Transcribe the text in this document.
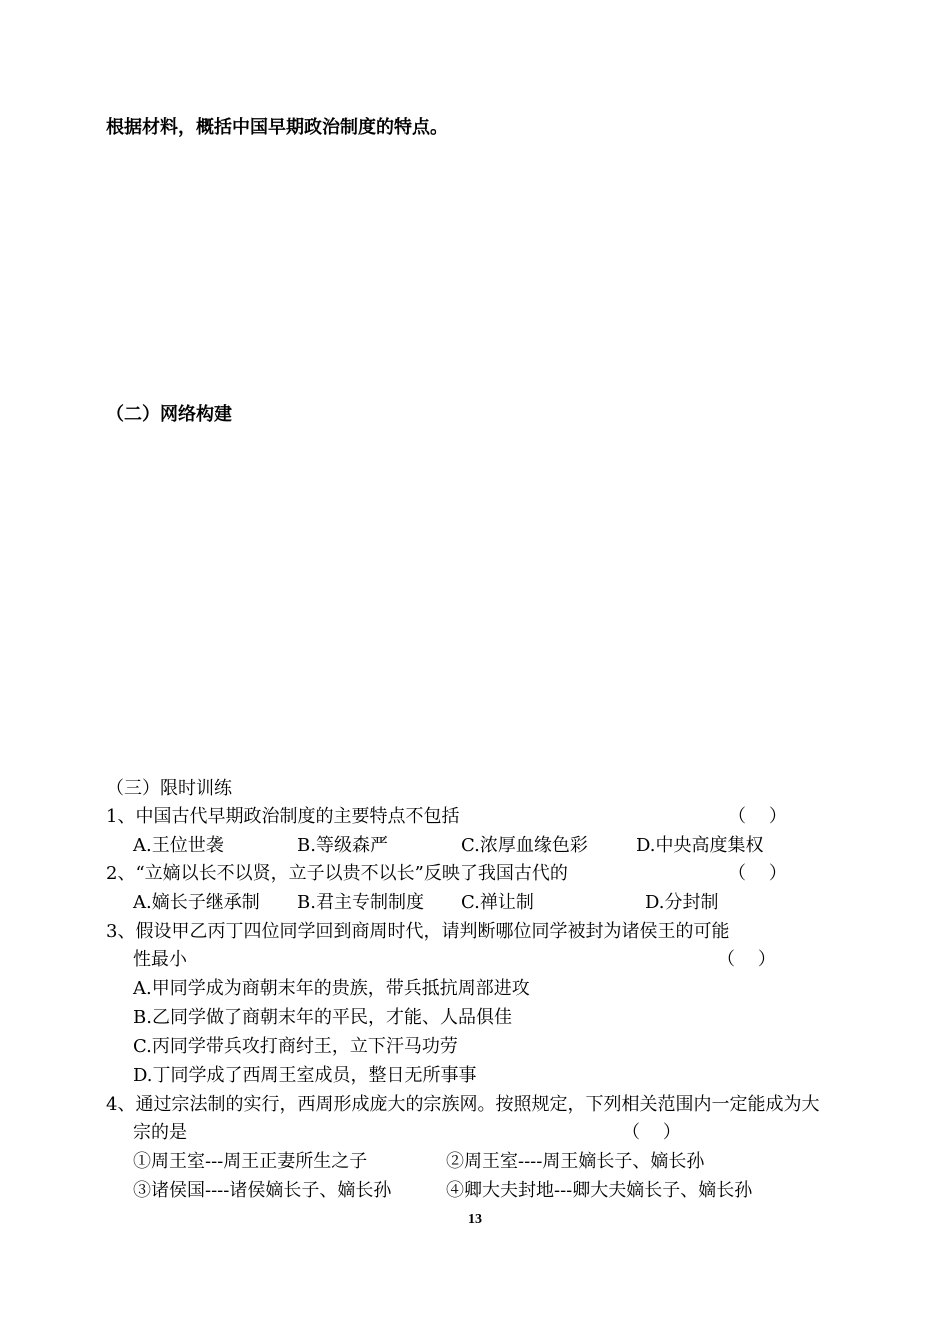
根据材料，概括中国早期政治制度的特点。
（二）网络构建
（三）限时训练
1、中国古代早期政治制度的主要特点不包括	（    ）
A.王位世袭	B.等级森严	C.浓厚血缘色彩	D.中央高度集权
2、“立嫡以长不以贤，立子以贵不以长”反映了我国古代的	（    ）
A.嫡长子继承制 B.君主专制制度 C.禅让制	D.分封制
3、假设甲乙丙丁四位同学回到商周时代，请判断哪位同学被封为诸侯王的可能
性最小	（    ）
A.甲同学成为商朝末年的贵族，带兵抵抗周部进攻
B.乙同学做了商朝末年的平民，才能、人品俱佳
C.丙同学带兵攻打商纣王，立下汗马功劳
D.丁同学成了西周王室成员，整日无所事事
4、通过宗法制的实行，西周形成庞大的宗族网。按照规定，下列相关范围内一定能成为大
宗的是	（    ）
①周王室---周王正妻所生之子	②周王室----周王嫡长子、嫡长孙
③诸侯国----诸侯嫡长子、嫡长孙	④卿大夫封地---卿大夫嫡长子、嫡长孙
13
